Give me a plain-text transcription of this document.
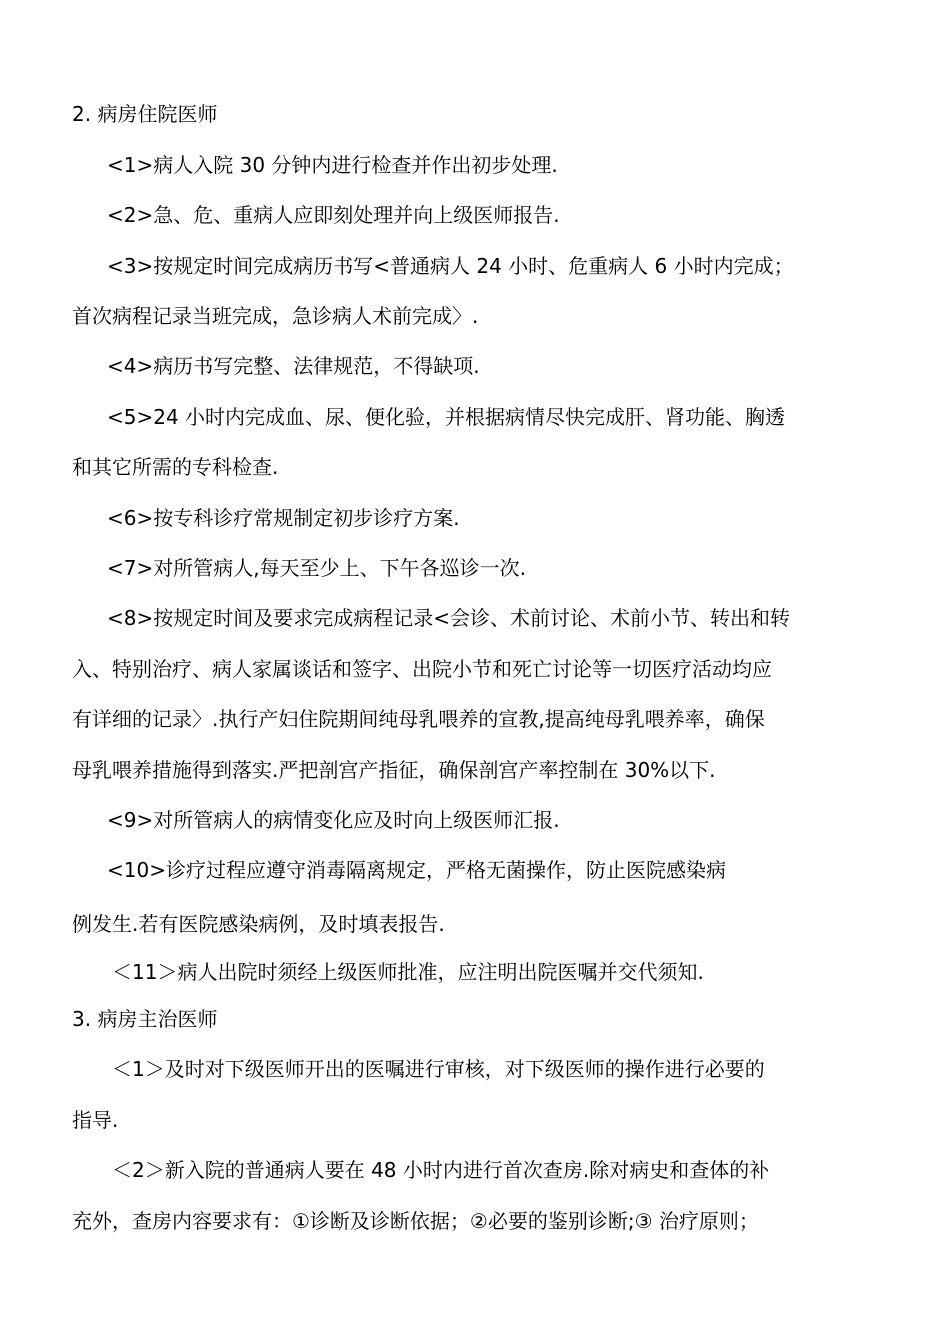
2. 病房住院医师
<1>病人入院 30 分钟内进行检查并作出初步处理.
<2>急、危、重病人应即刻处理并向上级医师报告.
<3>按规定时间完成病历书写<普通病人 24 小时、危重病人 6 小时内完成；
首次病程记录当班完成，急诊病人术前完成〉.
<4>病历书写完整、法律规范，不得缺项.
<5>24 小时内完成血、尿、便化验，并根据病情尽快完成肝、肾功能、胸透
和其它所需的专科检查.
<6>按专科诊疗常规制定初步诊疗方案.
<7>对所管病人,每天至少上、下午各巡诊一次.
<8>按规定时间及要求完成病程记录<会诊、术前讨论、术前小节、转出和转
入、特别治疗、病人家属谈话和签字、出院小节和死亡讨论等一切医疗活动均应
有详细的记录〉.执行产妇住院期间纯母乳喂养的宣教,提高纯母乳喂养率，确保
母乳喂养措施得到落实.严把剖宫产指征，确保剖宫产率控制在 30%以下.
<9>对所管病人的病情变化应及时向上级医师汇报.
<10>诊疗过程应遵守消毒隔离规定，严格无菌操作，防止医院感染病
例发生.若有医院感染病例，及时填表报告.
＜11＞病人出院时须经上级医师批准，应注明出院医嘱并交代须知.
3. 病房主治医师
＜1＞及时对下级医师开出的医嘱进行审核，对下级医师的操作进行必要的
指导.
＜2＞新入院的普通病人要在 48 小时内进行首次查房.除对病史和查体的补
充外，查房内容要求有：①诊断及诊断依据；②必要的鉴别诊断;③ 治疗原则；
